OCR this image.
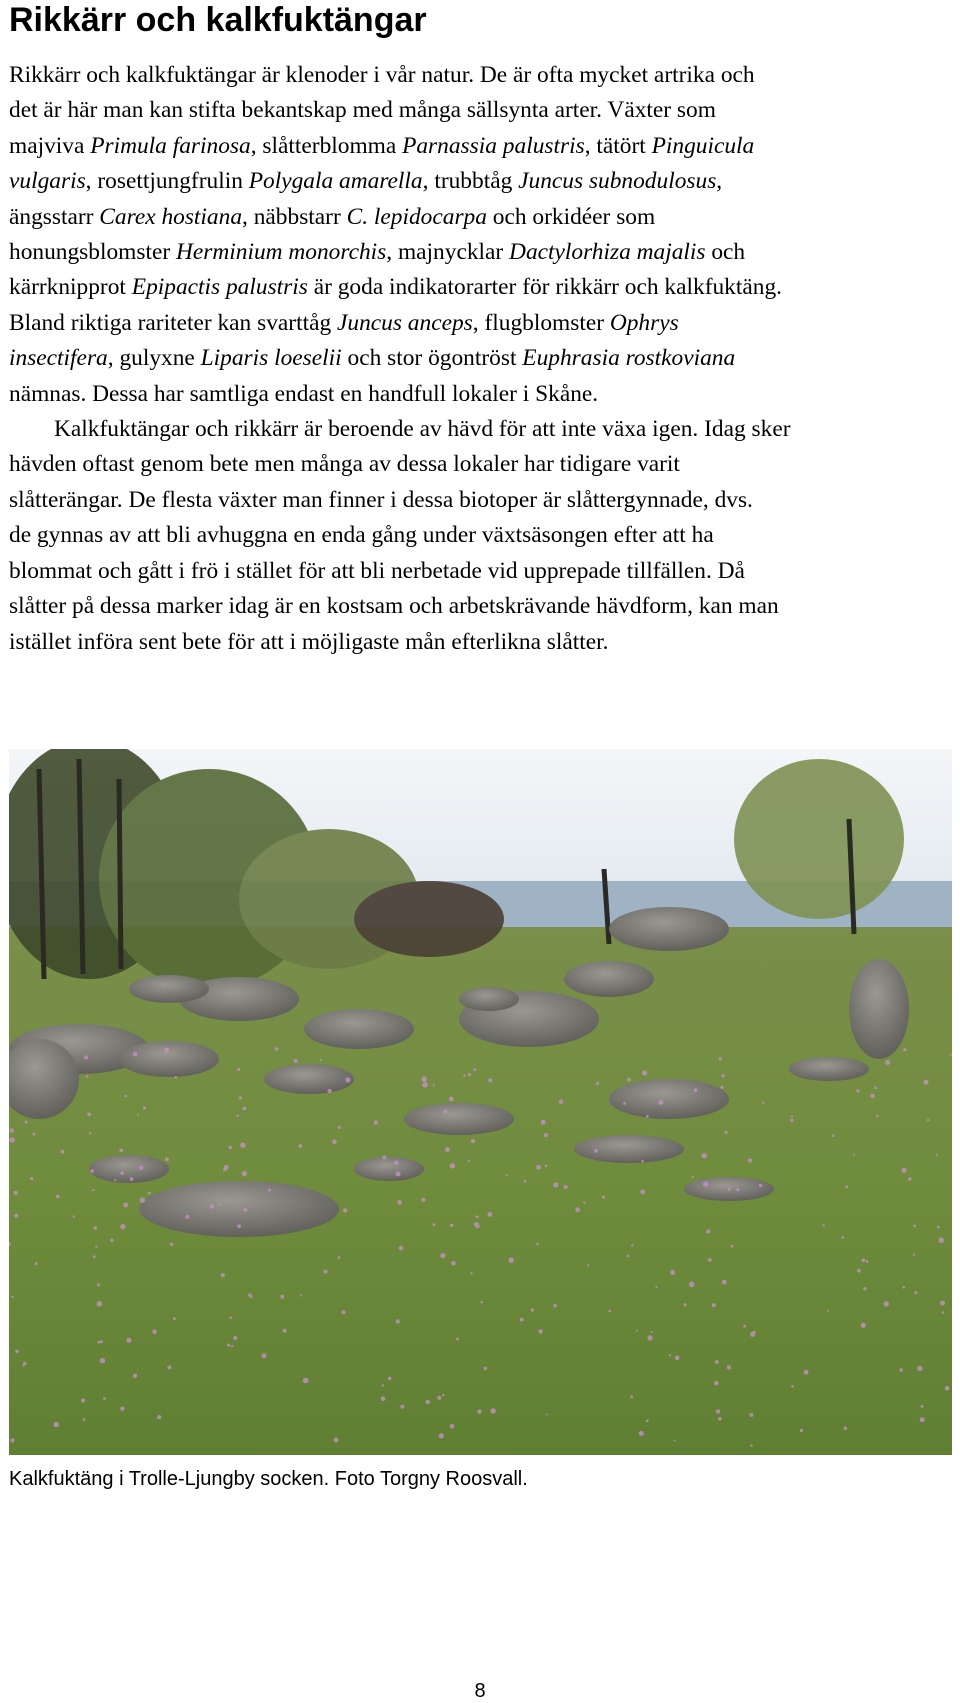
Rikkärr och kalkfuktängar
Rikkärr och kalkfuktängar är klenoder i vår natur. De är ofta mycket artrika och
det är här man kan stifta bekantskap med många sällsynta arter. Växter som
majviva Primula farinosa, slåtterblomma Parnassia palustris, tätört Pinguicula
vulgaris, rosettjungfrulin Polygala amarella, trubbtåg Juncus subnodulosus,
ängsstarr Carex hostiana, näbbstarr C. lepidocarpa och orkidéer som
honungsblomster Herminium monorchis, majnycklar Dactylorhiza majalis och
kärrknipprot Epipactis palustris är goda indikatorarter för rikkärr och kalkfuktäng.
Bland riktiga rariteter kan svarttåg Juncus anceps, flugblomster Ophrys
insectifera, gulyxne Liparis loeselii och stor ögontröst Euphrasia rostkoviana
nämnas. Dessa har samtliga endast en handfull lokaler i Skåne.
Kalkfuktängar och rikkärr är beroende av hävd för att inte växa igen. Idag sker
hävden oftast genom bete men många av dessa lokaler har tidigare varit
slåtterängar. De flesta växter man finner i dessa biotoper är slåttergynnade, dvs.
de gynnas av att bli avhuggna en enda gång under växtsäsongen efter att ha
blommat och gått i frö i stället för att bli nerbetade vid upprepade tillfällen. Då
slåtter på dessa marker idag är en kostsam och arbetskrävande hävdform, kan man
istället införa sent bete för att i möjligaste mån efterlikna slåtter.
Kalkfuktäng i Trolle-Ljungby socken. Foto Torgny Roosvall.
8
